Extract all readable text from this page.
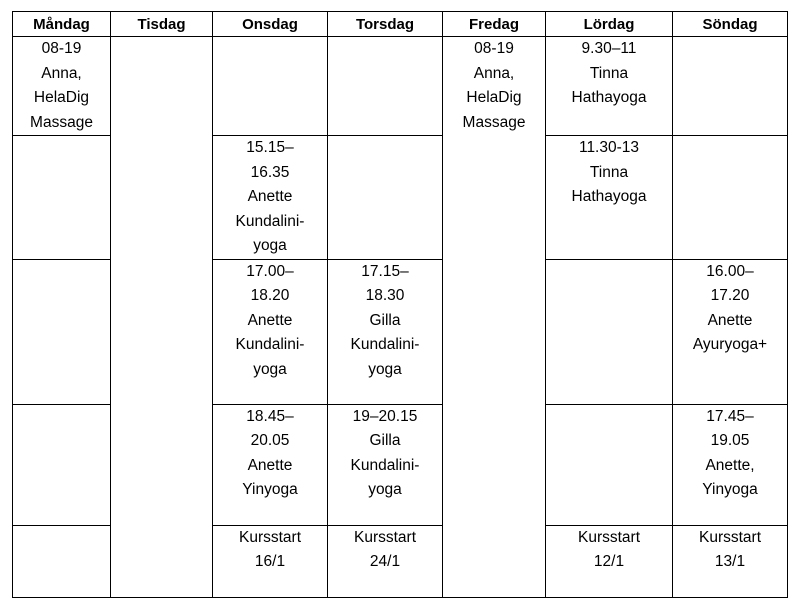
Måndag	Tisdag	Onsdag	Torsdag	Fredag	Lördag	Söndag

08-19
Anna,
HelaDig
Massage				08-19
Anna,
HelaDig
Massage	9.30–11
Tinna
Hathayoga	

		15.15–
16.35
Anette
Kundalini-
yoga			11.30-13
Tinna
Hathayoga	

		17.00–
18.20
Anette
Kundalini-
yoga	17.15–
18.30
Gilla
Kundalini-
yoga			16.00–
17.20
Anette
Ayuryoga+

		18.45–
20.05
Anette
Yinyoga	19–20.15
Gilla
Kundalini-
yoga			17.45–
19.05
Anette,
Yinyoga

		Kursstart
16/1	Kursstart
24/1		Kursstart
12/1	Kursstart
13/1
